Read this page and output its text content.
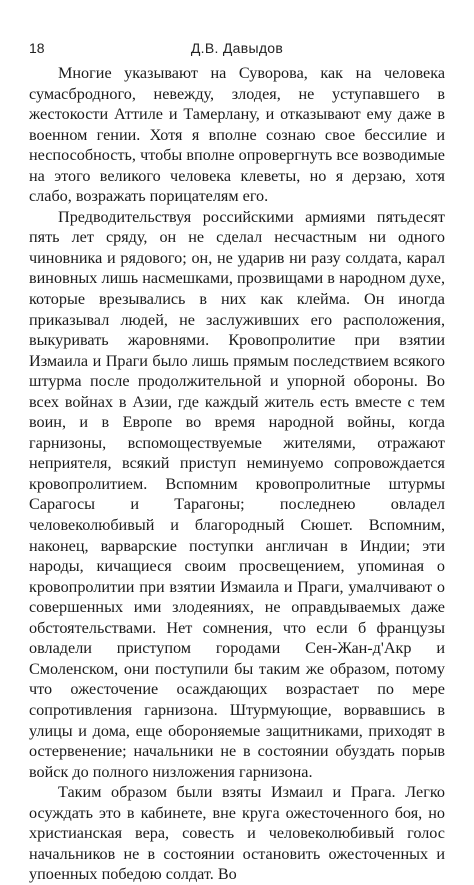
18	Д.В. Давыдов

Многие указывают на Суворова, как на человека сумасбродного, невежду, злодея, не уступавшего в жестокости Аттиле и Тамерлану, и отказывают ему даже в военном гении. Хотя я вполне сознаю свое бессилие и неспособность, чтобы вполне опровергнуть все возводимые на этого великого человека клеветы, но я дерзаю, хотя слабо, возражать порицателям его.

Предводительствуя российскими армиями пятьдесят пять лет сряду, он не сделал несчастным ни одного чиновника и рядового; он, не ударив ни разу солдата, карал виновных лишь насмешками, прозвищами в народном духе, которые врезывались в них как клейма. Он иногда приказывал людей, не заслуживших его расположения, выкуривать жаровнями. Кровопролитие при взятии Измаила и Праги было лишь прямым последствием всякого штурма после продолжительной и упорной обороны. Во всех войнах в Азии, где каждый житель есть вместе с тем воин, и в Европе во время народной войны, когда гарнизоны, вспомоществуемые жителями, отражают неприятеля, всякий приступ неминуемо сопровождается кровопролитием. Вспомним кровопролитные штурмы Сарагосы и Тарагоны; последнею овладел человеколюбивый и благородный Сюшет. Вспомним, наконец, варварские поступки англичан в Индии; эти народы, кичащиеся своим просвещением, упоминая о кровопролитии при взятии Измаила и Праги, умалчивают о совершенных ими злодеяниях, не оправдываемых даже обстоятельствами. Нет сомнения, что если б французы овладели приступом городами Сен-Жан-д'Акр и Смоленском, они поступили бы таким же образом, потому что ожесточение осаждающих возрастает по мере сопротивления гарнизона. Штурмующие, ворвавшись в улицы и дома, еще обороняемые защитниками, приходят в остервенение; начальники не в состоянии обуздать порыв войск до полного низложения гарнизона.

Таким образом были взяты Измаил и Прага. Легко осуждать это в кабинете, вне круга ожесточенного боя, но христианская вера, совесть и человеколюбивый голос начальников не в состоянии остановить ожесточенных и упоенных победою солдат. Во
